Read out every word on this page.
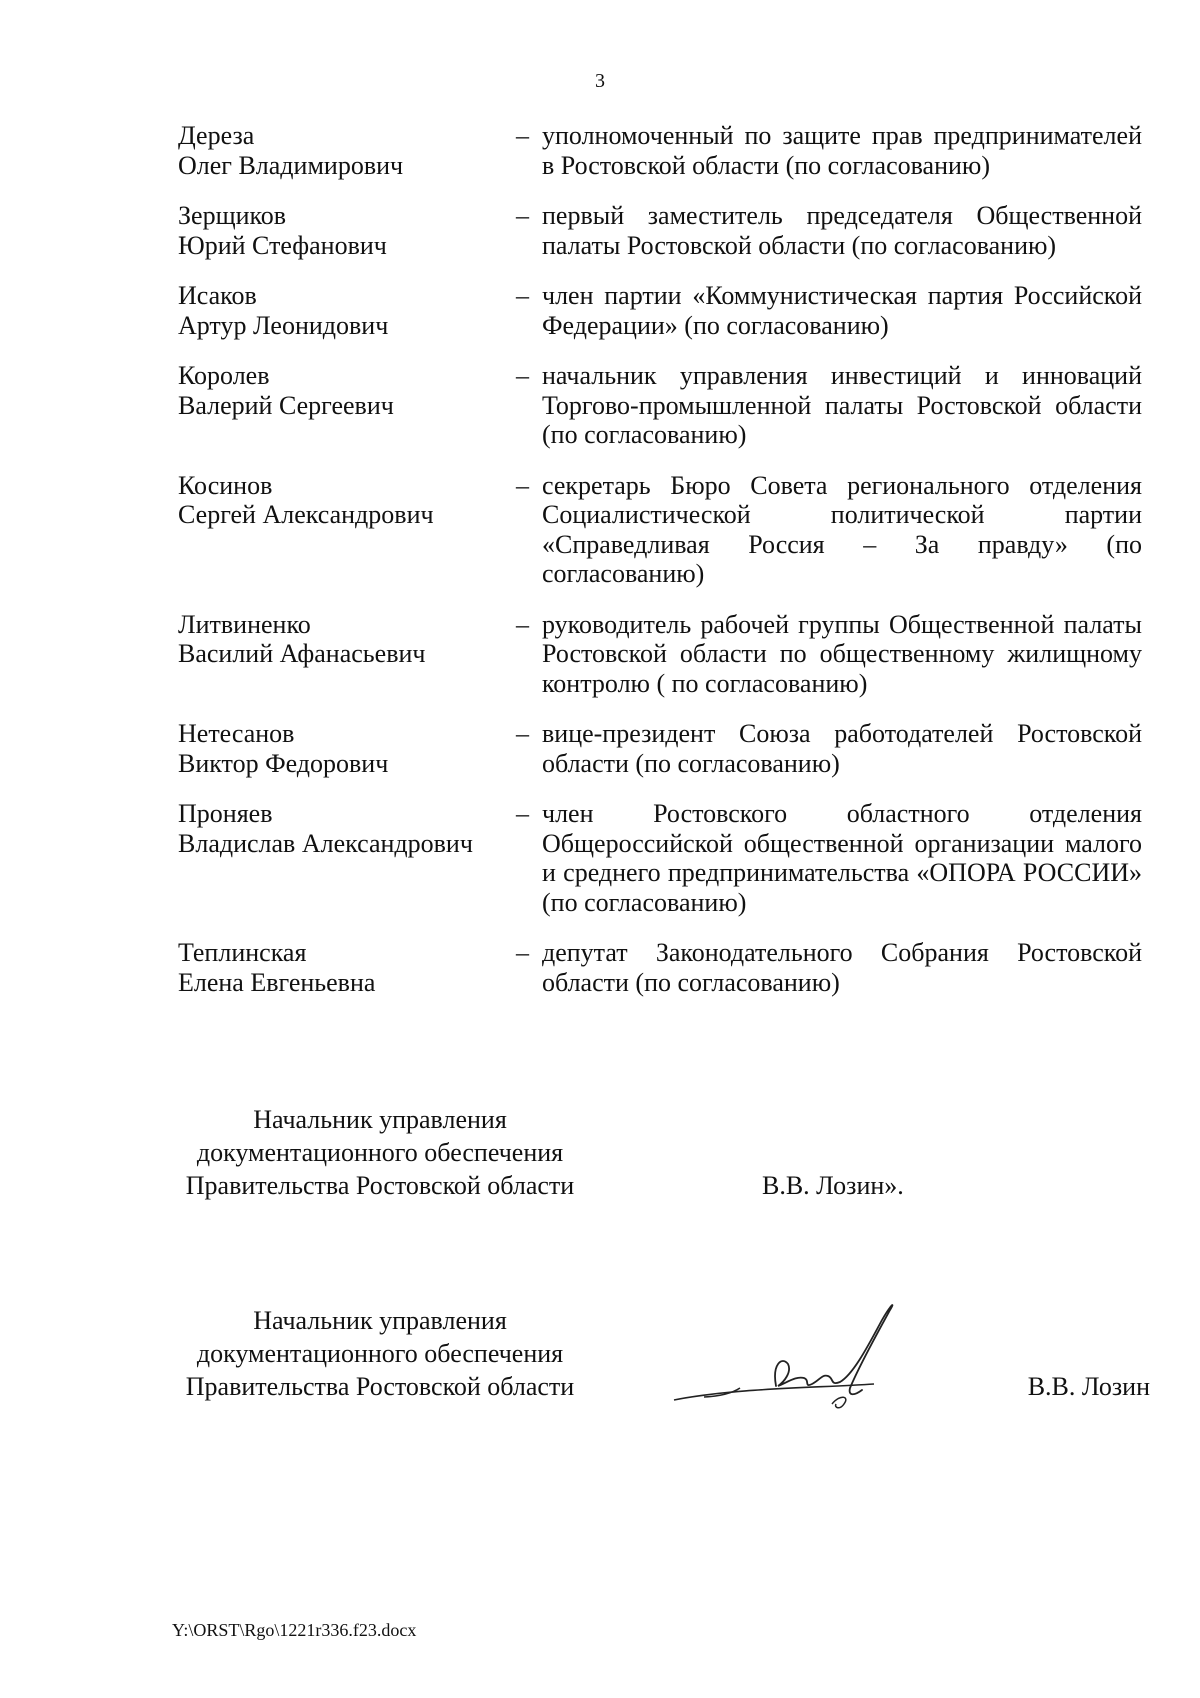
3
Дереза
Олег Владимирович
– уполномоченный по защите прав предпринимателей в Ростовской области (по согласованию)
Зерщиков
Юрий Стефанович
– первый заместитель председателя Общественной палаты Ростовской области (по согласованию)
Исаков
Артур Леонидович
– член партии «Коммунистическая партия Российской Федерации» (по согласованию)
Королев
Валерий Сергеевич
– начальник управления инвестиций и инноваций Торгово-промышленной палаты Ростовской области (по согласованию)
Косинов
Сергей Александрович
– секретарь Бюро Совета регионального отделения Социалистической политической партии «Справедливая Россия – За правду» (по согласованию)
Литвиненко
Василий Афанасьевич
– руководитель рабочей группы Общественной палаты Ростовской области по общественному жилищному контролю ( по согласованию)
Нетесанов
Виктор Федорович
– вице-президент Союза работодателей Ростовской области (по согласованию)
Проняев
Владислав Александрович
– член Ростовского областного отделения Общероссийской общественной организации малого и среднего предпринимательства «ОПОРА РОССИИ» (по согласованию)
Теплинская
Елена Евгеньевна
– депутат Законодательного Собрания Ростовской области (по согласованию)
Начальник управления
документационного обеспечения
Правительства Ростовской области	В.В. Лозин».
Начальник управления
документационного обеспечения
Правительства Ростовской области	В.В. Лозин
Y:\ORST\Rgo\1221r336.f23.docx
